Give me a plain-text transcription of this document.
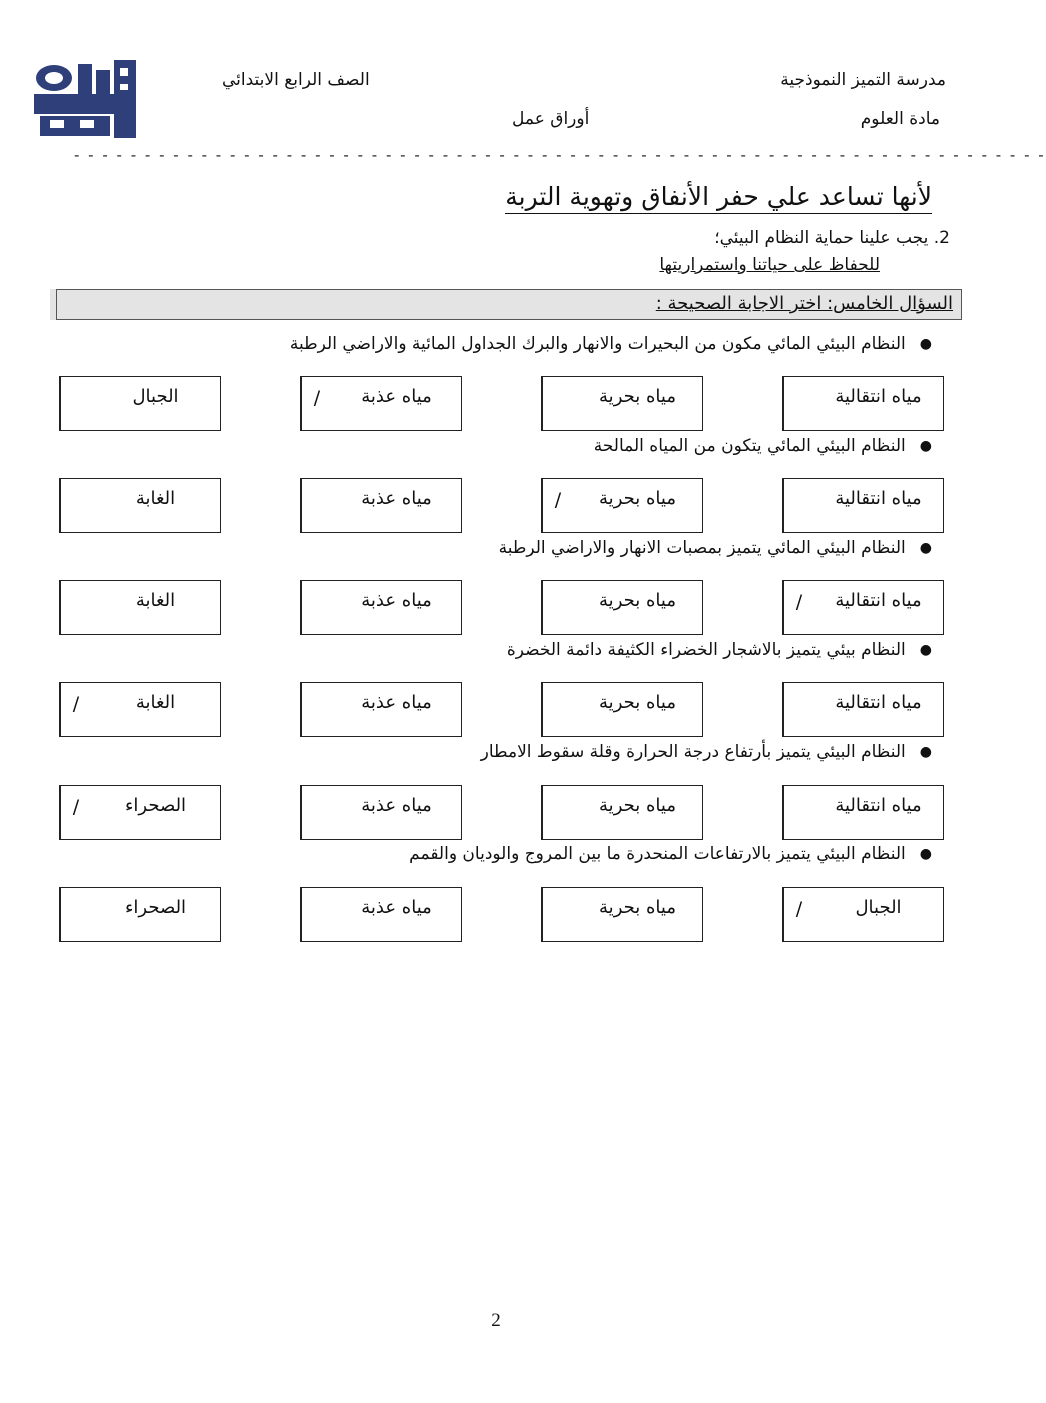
مدرسة التميز النموذجية
الصف الرابع الابتدائي
مادة العلوم
أوراق عمل
- - - - - - - - - - - - - - - - - - - - - - - - - - - - - - - - - - - - - - - - - - - - - - - - - - - - - - - - - - - - - - - - - - - - -
لأنها تساعد علي حفر الأنفاق وتهوية التربة
2. يجب علينا حماية النظام البيئي؛
للحفاظ على حياتنا واستمراريتها
السؤال الخامس: اختر الاجابة الصحيحة :
●
النظام البيئي المائي مكون من البحيرات والانهار والبرك الجداول المائية والاراضي الرطبة
مياه انتقالية
مياه بحرية
/	مياه عذبة
الجبال
●
النظام البيئي المائي يتكون من المياه المالحة
مياه انتقالية
/	مياه بحرية
مياه عذبة
الغابة
●
النظام البيئي المائي يتميز بمصبات الانهار والاراضي الرطبة
/	مياه انتقالية
مياه بحرية
مياه عذبة
الغابة
●
النظام بيئي يتميز بالاشجار الخضراء الكثيفة دائمة الخضرة
مياه انتقالية
مياه بحرية
مياه عذبة
/	الغابة
●
النظام البيئي يتميز بأرتفاع درجة الحرارة وقلة سقوط الامطار
مياه انتقالية
مياه بحرية
مياه عذبة
/	الصحراء
●
النظام البيئي يتميز بالارتفاعات المنحدرة ما بين المروج والوديان والقمم
/	الجبال
مياه بحرية
مياه عذبة
الصحراء
2
